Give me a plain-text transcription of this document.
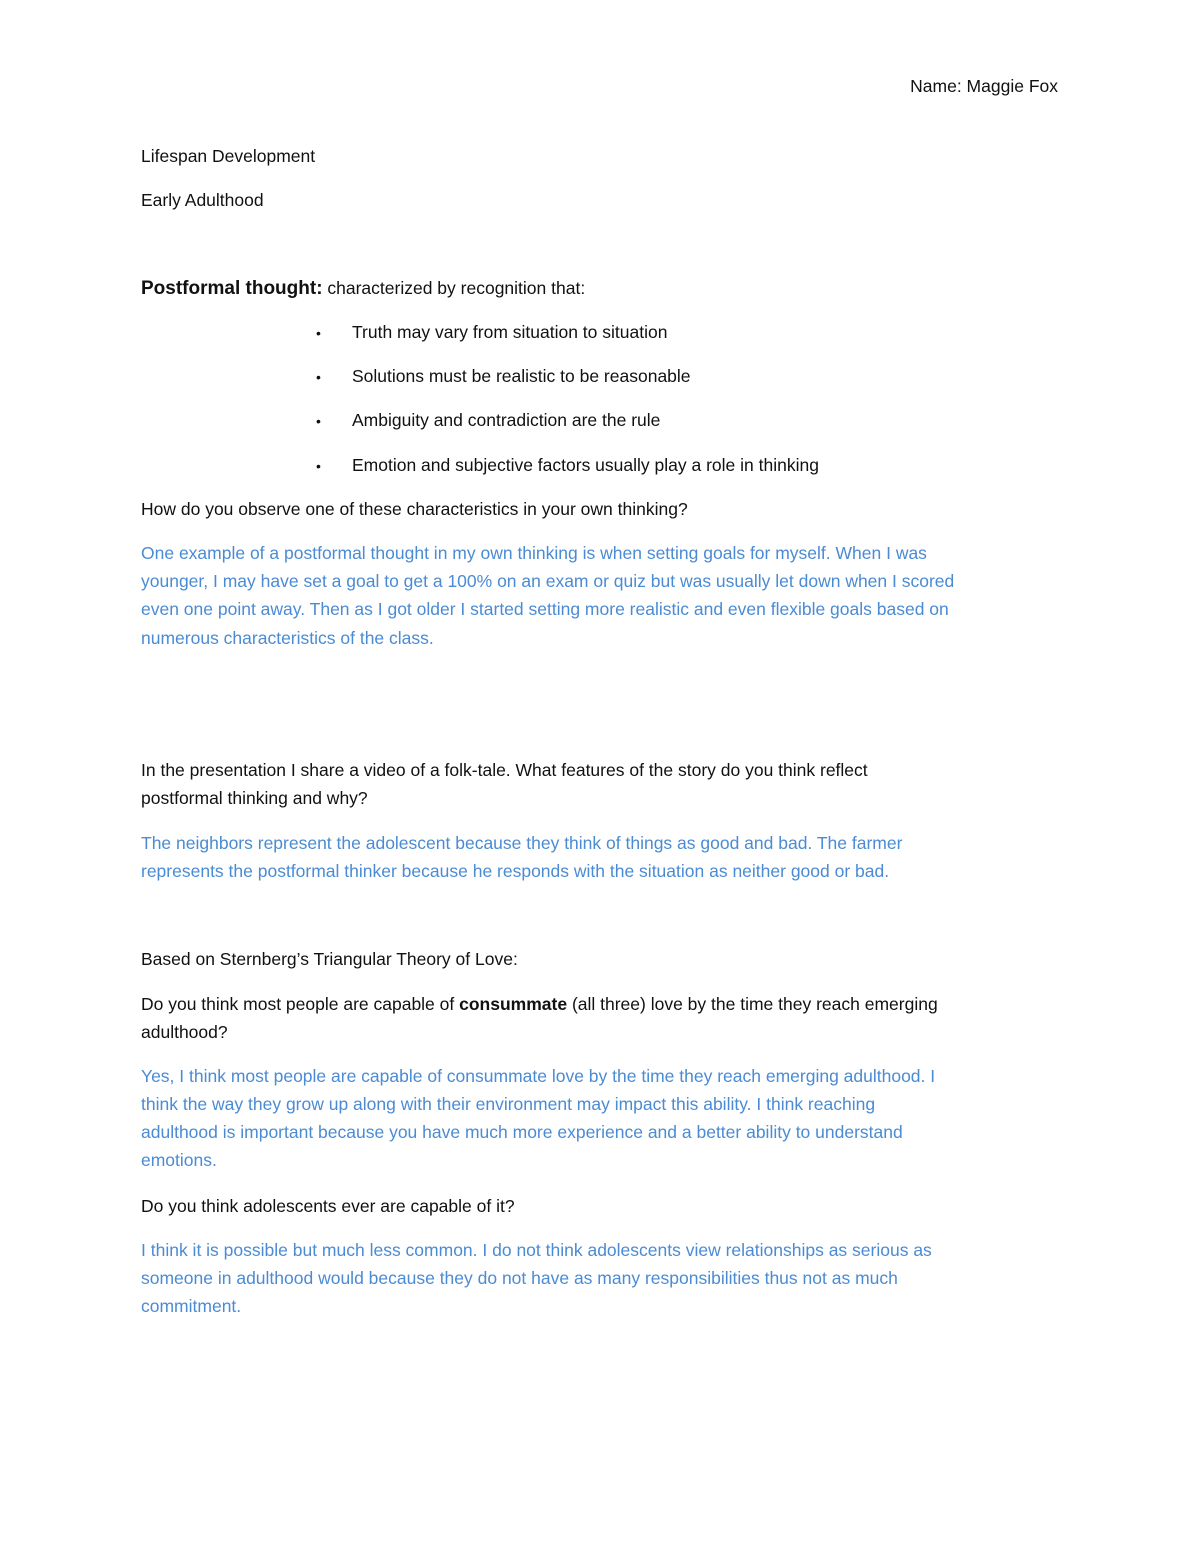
Name: Maggie Fox
Lifespan Development
Early Adulthood
Postformal thought: characterized by recognition that:
• Truth may vary from situation to situation
• Solutions must be realistic to be reasonable
• Ambiguity and contradiction are the rule
• Emotion and subjective factors usually play a role in thinking
How do you observe one of these characteristics in your own thinking?
One example of a postformal thought in my own thinking is when setting goals for myself. When I was
younger, I may have set a goal to get a 100% on an exam or quiz but was usually let down when I scored
even one point away. Then as I got older I started setting more realistic and even flexible goals based on
numerous characteristics of the class.
In the presentation I share a video of a folk-tale. What features of the story do you think reflect
postformal thinking and why?
The neighbors represent the adolescent because they think of things as good and bad. The farmer
represents the postformal thinker because he responds with the situation as neither good or bad.
Based on Sternberg’s Triangular Theory of Love:
Do you think most people are capable of consummate (all three) love by the time they reach emerging
adulthood?
Yes, I think most people are capable of consummate love by the time they reach emerging adulthood. I
think the way they grow up along with their environment may impact this ability. I think reaching
adulthood is important because you have much more experience and a better ability to understand
emotions.
Do you think adolescents ever are capable of it?
I think it is possible but much less common. I do not think adolescents view relationships as serious as
someone in adulthood would because they do not have as many responsibilities thus not as much
commitment.
